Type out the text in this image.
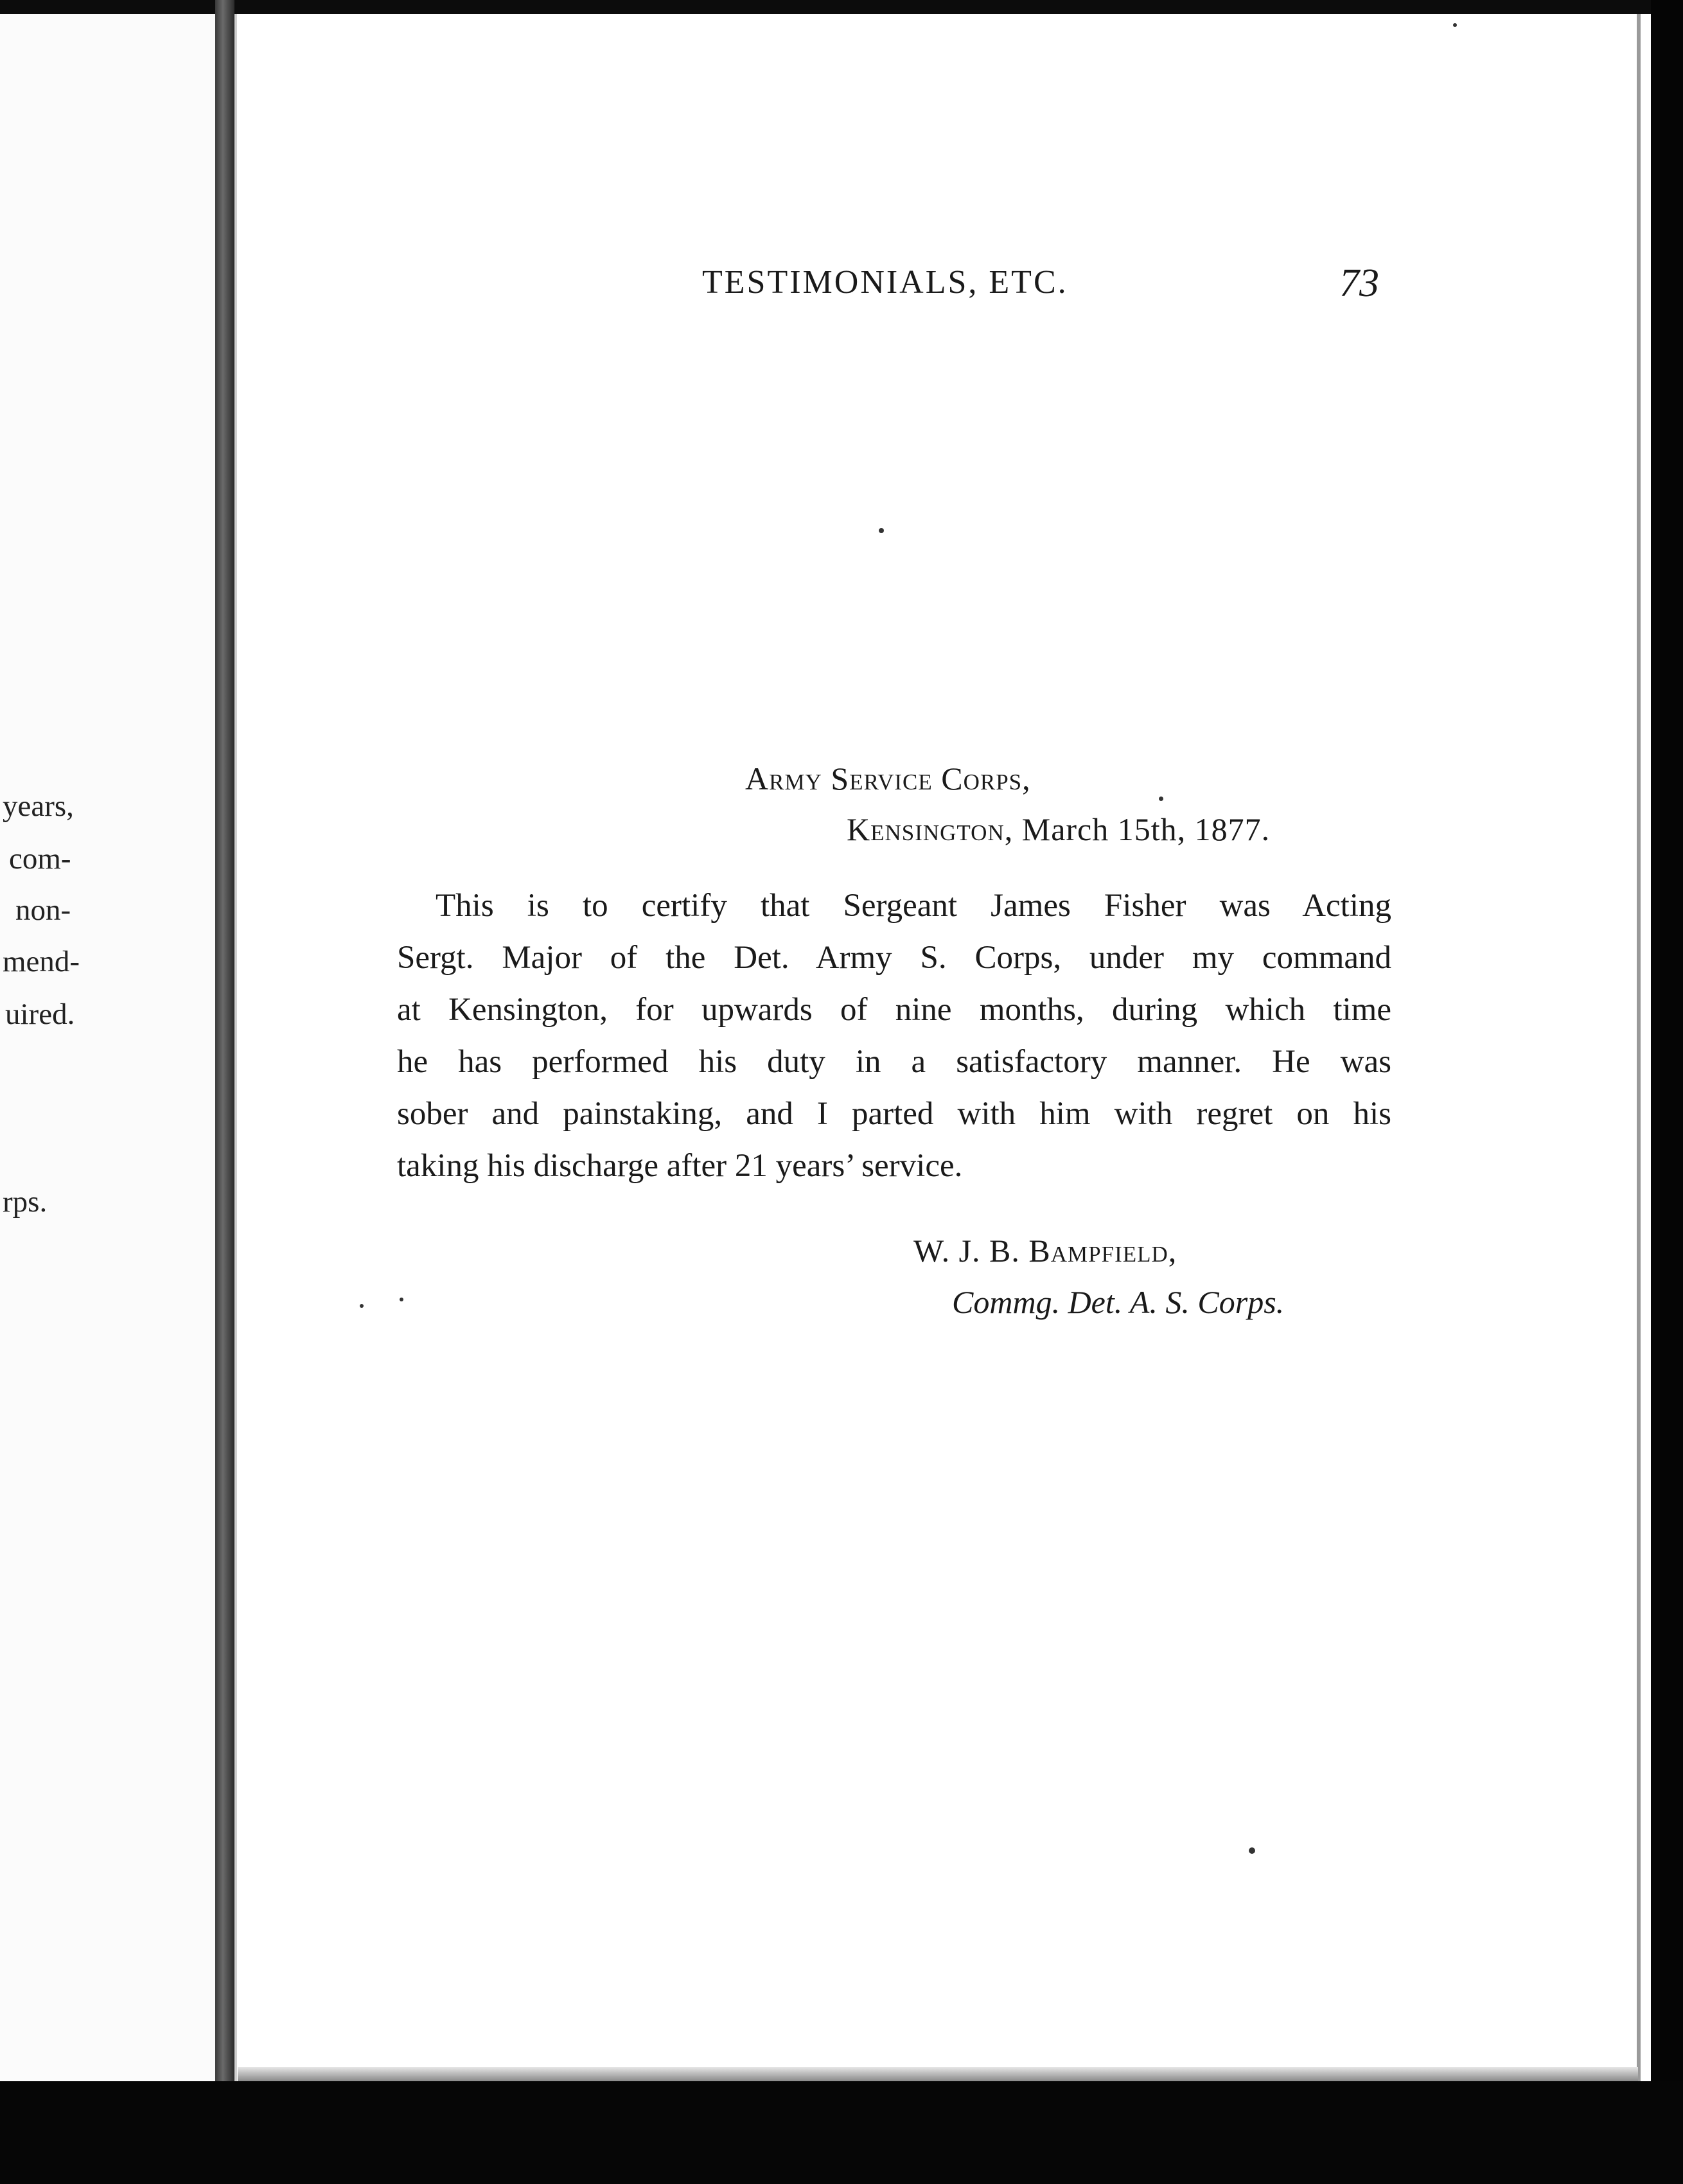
years,
com-
non-
mend-
uired.
rps.
TESTIMONIALS, ETC.	73
Army Service Corps,
Kensington, March 15th, 1877.
This is to certify that Sergeant James Fisher was Acting
Sergt. Major of the Det. Army S. Corps, under my command
at Kensington, for upwards of nine months, during which time
he has performed his duty in a satisfactory manner. He was
sober and painstaking, and I parted with him with regret on his
taking his discharge after 21 years’ service.
W. J. B. Bampfield,
Commg. Det. A. S. Corps.
